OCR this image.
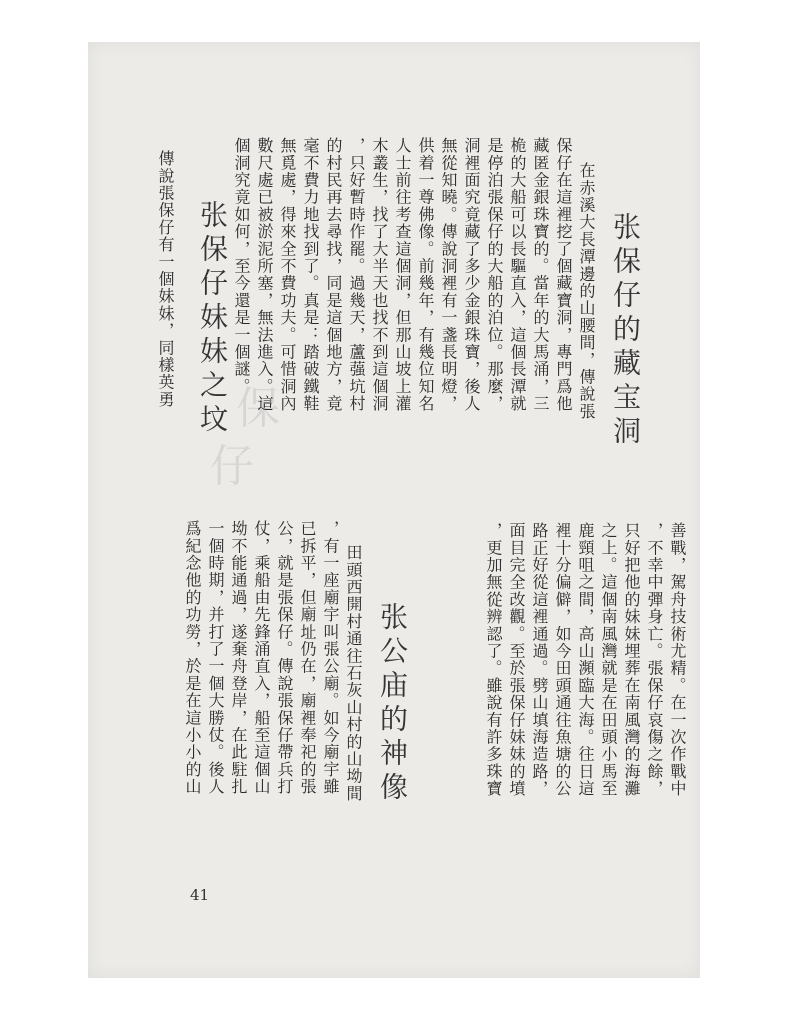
保
仔
张保仔的藏宝洞
张保仔妹妹之坟
张公庙的神像
41
在赤溪大長潭邊的山腰間，傳說張
保仔在這裡挖了個藏寶洞，專門爲他
藏匿金銀珠寶的。當年的大馬涌，三
桅的大船可以長驅直入，這個長潭就
是停泊張保仔的大船的泊位。那麼，
洞裡面究竟藏了多少金銀珠寶，後人
無從知曉。傳說洞裡有一盞長明燈，
供着一尊佛像。前幾年，有幾位知名
人士前往考查這個洞，但那山坡上灌
木叢生，找了大半天也找不到這個洞
，只好暫時作罷。過幾天，蘆蔃坑村
的村民再去尋找，同是這個地方，竟
毫不費力地找到了。真是：踏破鐵鞋
無覓處，得來全不費功夫。可惜洞內
數尺處已被淤泥所塞，無法進入。這
個洞究竟如何，至今還是一個謎。
傳說張保仔有一個妹妹，同樣英勇
善戰，駕舟技術尤精。在一次作戰中
，不幸中彈身亡。張保仔哀傷之餘，
只好把他的妹妹埋葬在南風灣的海灘
之上。這個南風灣就是在田頭小馬至
鹿頸咀之間，高山瀕臨大海。往日這
裡十分偏僻，如今田頭通往魚塘的公
路正好從這裡通過。劈山填海造路，
面目完全改觀。至於張保仔妹妹的墳
，更加無從辨認了。雖說有許多珠寶
田頭西開村通往石灰山村的山坳間
，有一座廟宇叫張公廟。如今廟宇雖
已拆平，但廟址仍在，廟裡奉祀的張
公，就是張保仔。傳說張保仔帶兵打
仗，乘船由先鋒涌直入，船至這個山
坳不能通過，遂棄舟登岸，在此駐扎
一個時期，并打了一個大勝仗。後人
爲紀念他的功勞，於是在這小小的山
